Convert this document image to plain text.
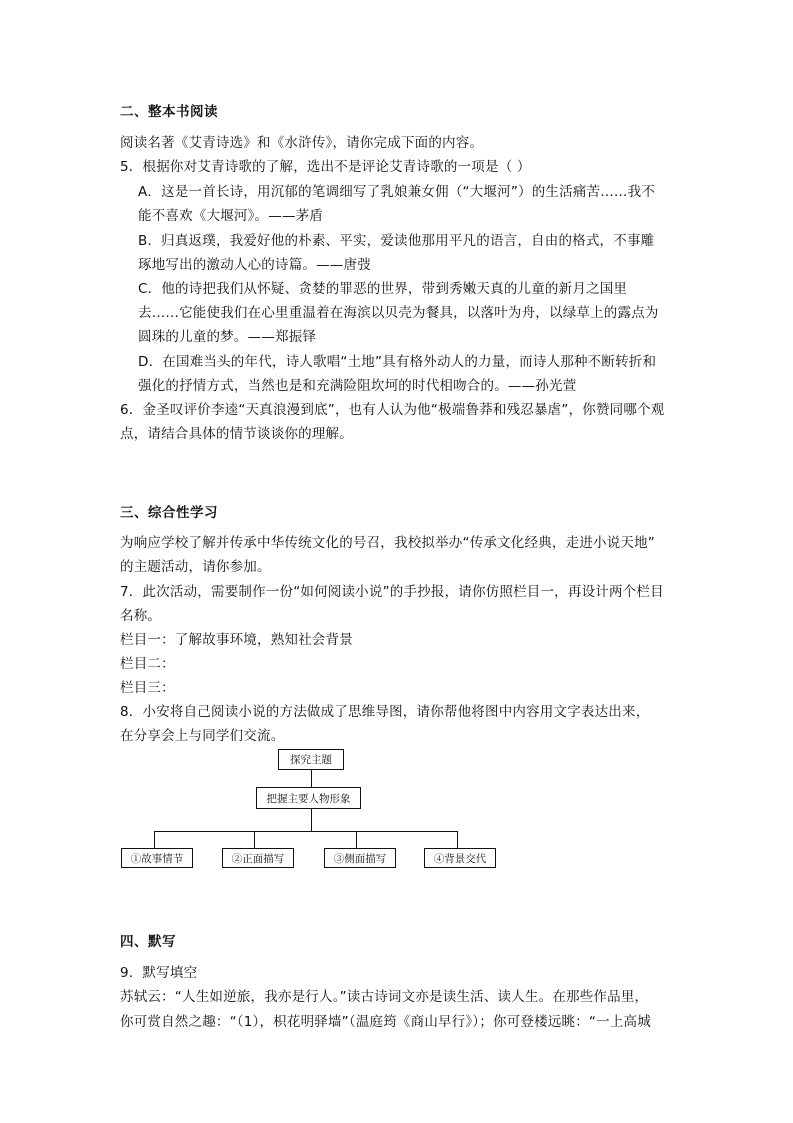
二、整本书阅读
阅读名著《艾青诗选》和《水浒传》，请你完成下面的内容。
5．根据你对艾青诗歌的了解，选出不是评论艾青诗歌的一项是（ ）
A．这是一首长诗，用沉郁的笔调细写了乳娘兼女佣（“大堰河”）的生活痛苦……我不
能不喜欢《大堰河》。——茅盾
B．归真返璞，我爱好他的朴素、平实，爱读他那用平凡的语言，自由的格式，不事雕
琢地写出的激动人心的诗篇。——唐弢
C．他的诗把我们从怀疑、贪婪的罪恶的世界，带到秀嫩天真的儿童的新月之国里
去……它能使我们在心里重温着在海滨以贝壳为餐具，以落叶为舟，以绿草上的露点为
圆珠的儿童的梦。——郑振铎
D．在国难当头的年代，诗人歌唱“土地”具有格外动人的力量，而诗人那种不断转折和
强化的抒情方式，当然也是和充满险阻坎坷的时代相吻合的。——孙光萱
6．金圣叹评价李逵“天真浪漫到底”，也有人认为他“极端鲁莽和残忍暴虐”，你赞同哪个观
点，请结合具体的情节谈谈你的理解。
三、综合性学习
为响应学校了解并传承中华传统文化的号召，我校拟举办“传承文化经典，走进小说天地”
的主题活动，请你参加。
7．此次活动，需要制作一份“如何阅读小说”的手抄报，请你仿照栏目一，再设计两个栏目
名称。
栏目一：了解故事环境，熟知社会背景
栏目二：
栏目三：
8．小安将自己阅读小说的方法做成了思维导图，请你帮他将图中内容用文字表达出来，
在分享会上与同学们交流。
探究主题
把握主要人物形象
①故事情节	②正面描写	③侧面描写	④背景交代
四、默写
9．默写填空
苏轼云：“人生如逆旅，我亦是行人。”读古诗词文亦是读生活、读人生。在那些作品里，
你可赏自然之趣：“（1），枳花明驿墙”（温庭筠《商山早行》）；你可登楼远眺：“一上高城
